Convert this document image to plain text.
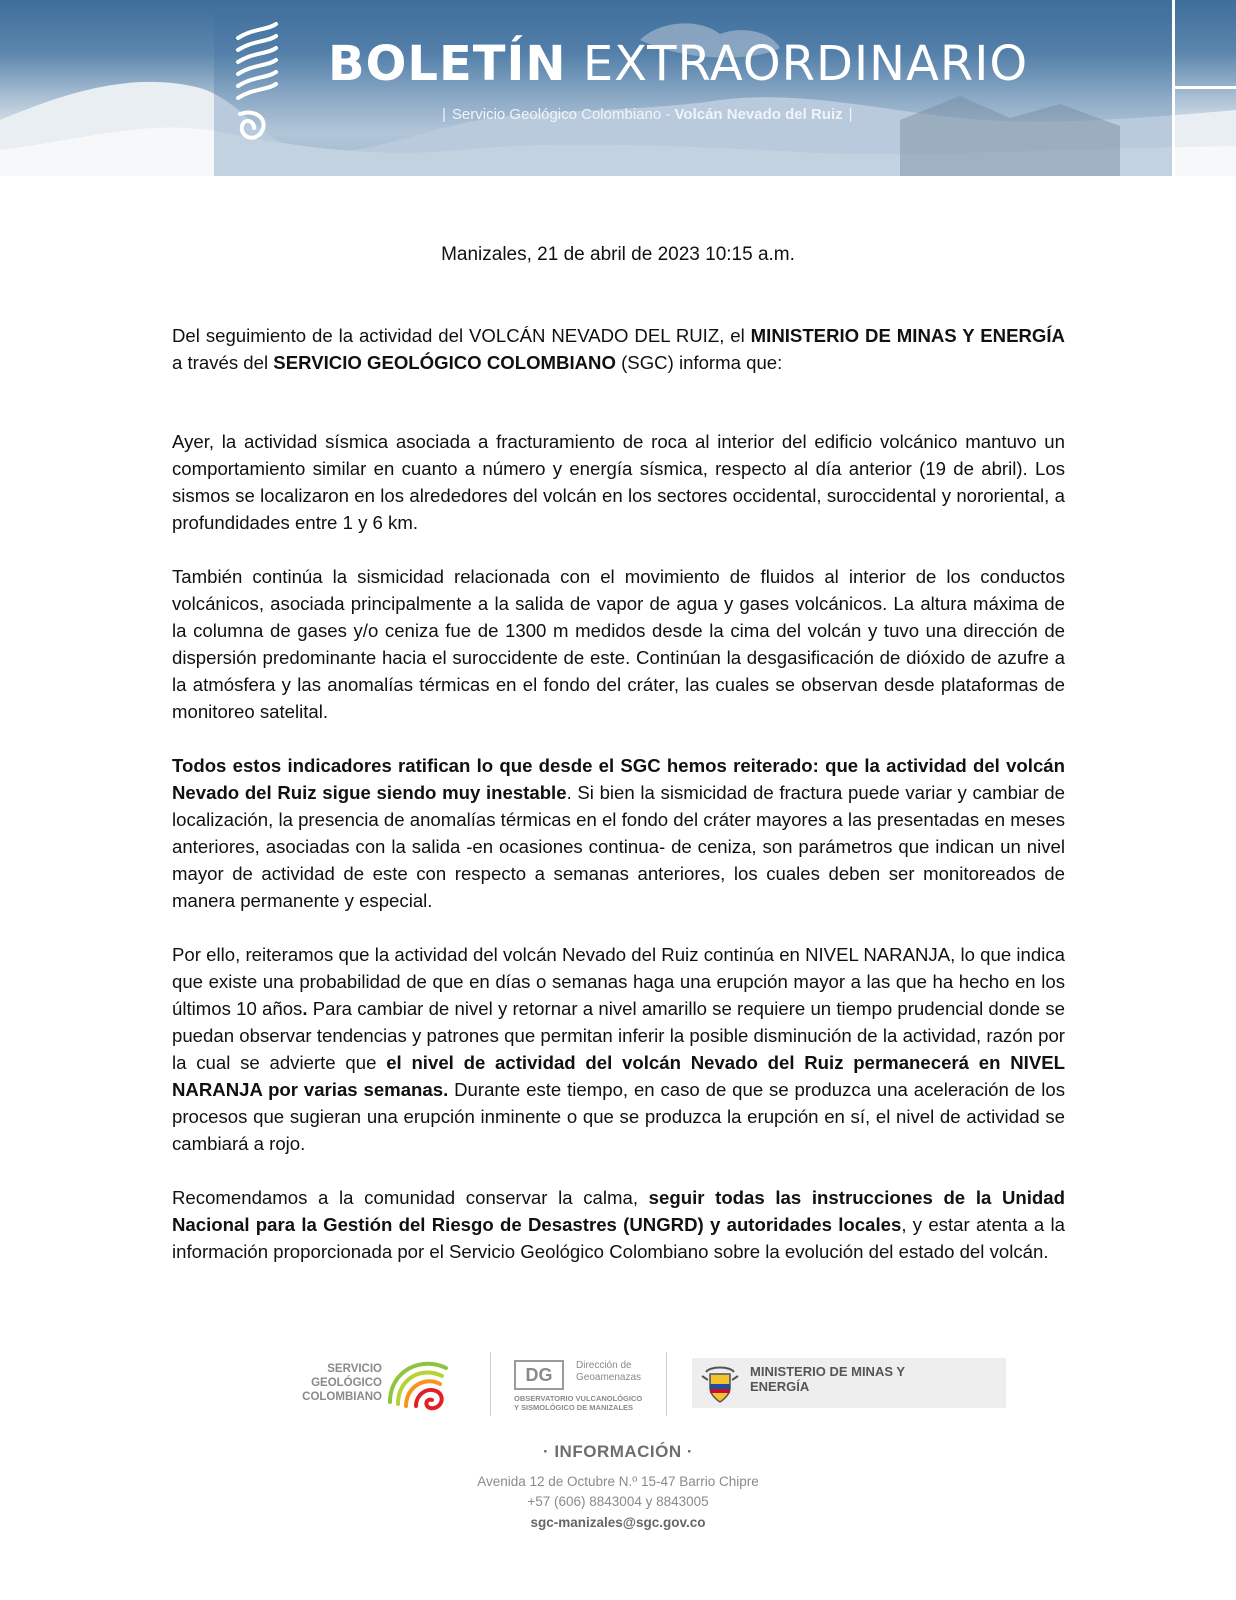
BOLETÍN EXTRAORDINARIO
| Servicio Geológico Colombiano - Volcán Nevado del Ruiz |
Manizales, 21 de abril de 2023 10:15 a.m.

Del seguimiento de la actividad del VOLCÁN NEVADO DEL RUIZ, el MINISTERIO DE MINAS Y ENERGÍA a través del SERVICIO GEOLÓGICO COLOMBIANO (SGC) informa que:

Ayer, la actividad sísmica asociada a fracturamiento de roca al interior del edificio volcánico mantuvo un comportamiento similar en cuanto a número y energía sísmica, respecto al día anterior (19 de abril). Los sismos se localizaron en los alrededores del volcán en los sectores occidental, suroccidental y nororiental, a profundidades entre 1 y 6 km.

También continúa la sismicidad relacionada con el movimiento de fluidos al interior de los conductos volcánicos, asociada principalmente a la salida de vapor de agua y gases volcánicos. La altura máxima de la columna de gases y/o ceniza fue de 1300 m medidos desde la cima del volcán y tuvo una dirección de dispersión predominante hacia el suroccidente de este. Continúan la desgasificación de dióxido de azufre a la atmósfera y las anomalías térmicas en el fondo del cráter, las cuales se observan desde plataformas de monitoreo satelital.

Todos estos indicadores ratifican lo que desde el SGC hemos reiterado: que la actividad del volcán Nevado del Ruiz sigue siendo muy inestable. Si bien la sismicidad de fractura puede variar y cambiar de localización, la presencia de anomalías térmicas en el fondo del cráter mayores a las presentadas en meses anteriores, asociadas con la salida -en ocasiones continua- de ceniza, son parámetros que indican un nivel mayor de actividad de este con respecto a semanas anteriores, los cuales deben ser monitoreados de manera permanente y especial.

Por ello, reiteramos que la actividad del volcán Nevado del Ruiz continúa en NIVEL NARANJA, lo que indica que existe una probabilidad de que en días o semanas haga una erupción mayor a las que ha hecho en los últimos 10 años. Para cambiar de nivel y retornar a nivel amarillo se requiere un tiempo prudencial donde se puedan observar tendencias y patrones que permitan inferir la posible disminución de la actividad, razón por la cual se advierte que el nivel de actividad del volcán Nevado del Ruiz permanecerá en NIVEL NARANJA por varias semanas. Durante este tiempo, en caso de que se produzca una aceleración de los procesos que sugieran una erupción inminente o que se produzca la erupción en sí, el nivel de actividad se cambiará a rojo.

Recomendamos a la comunidad conservar la calma, seguir todas las instrucciones de la Unidad Nacional para la Gestión del Riesgo de Desastres (UNGRD) y autoridades locales, y estar atenta a la información proporcionada por el Servicio Geológico Colombiano sobre la evolución del estado del volcán.

SERVICIO
GEOLÓGICO
COLOMBIANO
DG	Dirección de
Geoamenazas
OBSERVATORIO VULCANOLÓGICO
Y SISMOLÓGICO DE MANIZALES
MINISTERIO DE MINAS Y
ENERGÍA
· INFORMACIÓN ·
Avenida 12 de Octubre N.º 15-47 Barrio Chipre
+57 (606) 8843004 y 8843005
sgc-manizales@sgc.gov.co
